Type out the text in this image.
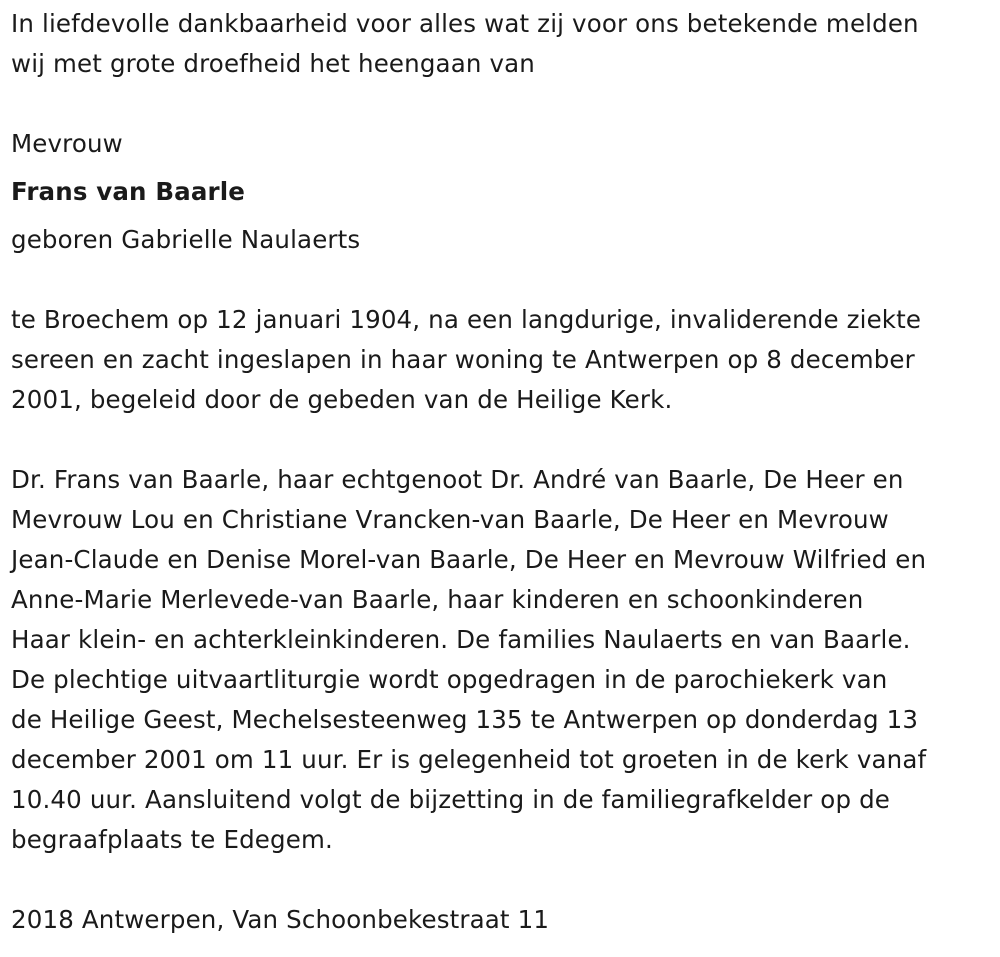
In liefdevolle dankbaarheid voor alles wat zij voor ons betekende melden
wij met grote droefheid het heengaan van

Mevrouw

Frans van Baarle

geboren Gabrielle Naulaerts

te Broechem op 12 januari 1904, na een langdurige, invaliderende ziekte
sereen en zacht ingeslapen in haar woning te Antwerpen op 8 december
2001, begeleid door de gebeden van de Heilige Kerk.

Dr. Frans van Baarle, haar echtgenoot Dr. André van Baarle, De Heer en
Mevrouw Lou en Christiane Vrancken-van Baarle, De Heer en Mevrouw
Jean-Claude en Denise Morel-van Baarle, De Heer en Mevrouw Wilfried en
Anne-Marie Merlevede-van Baarle, haar kinderen en schoonkinderen
Haar klein- en achterkleinkinderen. De families Naulaerts en van Baarle.
De plechtige uitvaartliturgie wordt opgedragen in de parochiekerk van
de Heilige Geest, Mechelsesteenweg 135 te Antwerpen op donderdag 13
december 2001 om 11 uur. Er is gelegenheid tot groeten in de kerk vanaf
10.40 uur. Aansluitend volgt de bijzetting in de familiegrafkelder op de
begraafplaats te Edegem.

2018 Antwerpen, Van Schoonbekestraat 11
